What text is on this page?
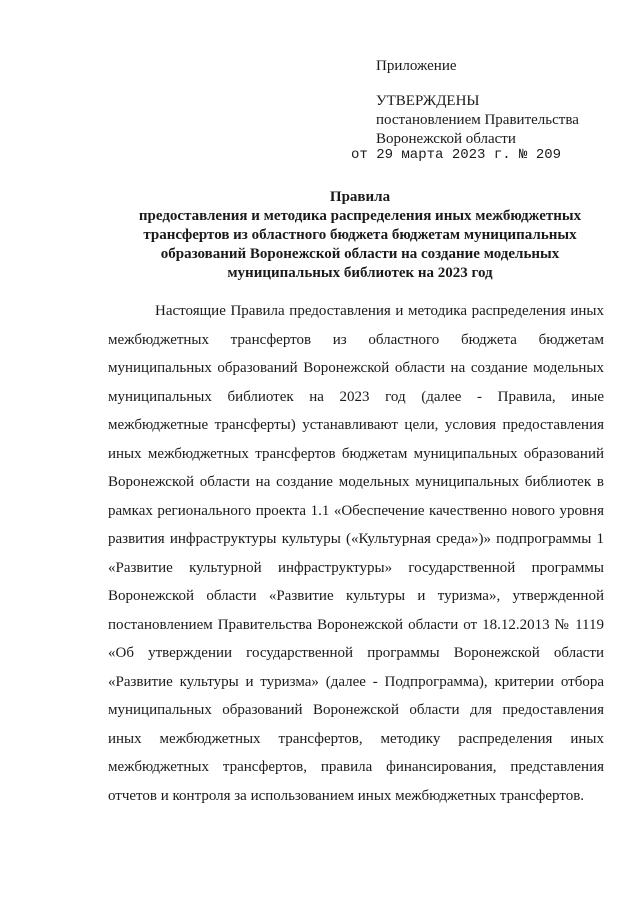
Приложение
УТВЕРЖДЕНЫ
постановлением Правительства
Воронежской области
от 29 марта 2023 г. № 209
Правила
предоставления и методика распределения иных межбюджетных
трансфертов из областного бюджета бюджетам муниципальных
образований Воронежской области на создание модельных
муниципальных библиотек на 2023 год
Настоящие Правила предоставления и методика распределения иных
межбюджетных трансфертов из областного бюджета бюджетам
муниципальных образований Воронежской области на создание модельных
муниципальных библиотек на 2023 год (далее - Правила, иные
межбюджетные трансферты) устанавливают цели, условия предоставления
иных межбюджетных трансфертов бюджетам муниципальных образований
Воронежской области на создание модельных муниципальных библиотек в
рамках регионального проекта 1.1 «Обеспечение качественно нового уровня
развития инфраструктуры культуры («Культурная среда»)» подпрограммы 1
«Развитие культурной инфраструктуры» государственной программы
Воронежской области «Развитие культуры и туризма», утвержденной
постановлением Правительства Воронежской области от 18.12.2013 № 1119
«Об утверждении государственной программы Воронежской области
«Развитие культуры и туризма» (далее - Подпрограмма), критерии отбора
муниципальных образований Воронежской области для предоставления
иных межбюджетных трансфертов, методику распределения иных
межбюджетных трансфертов, правила финансирования, представления
отчетов и контроля за использованием иных межбюджетных трансфертов.
